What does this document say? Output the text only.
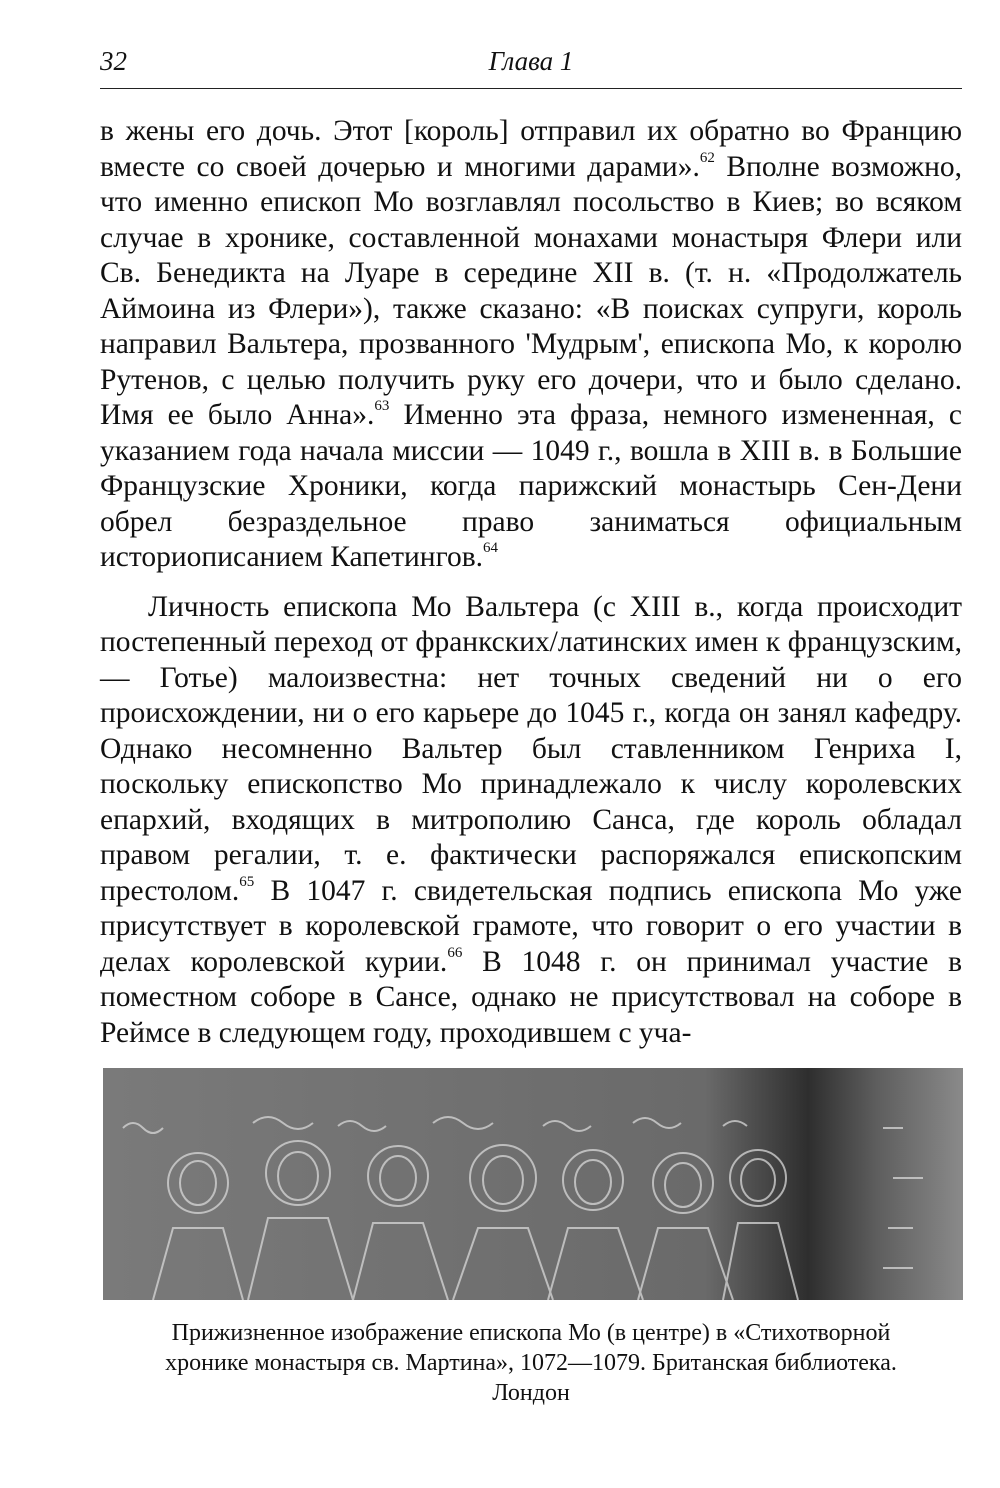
32	Глава 1

в жены его дочь. Этот [король] отправил их обратно во Францию вместе со своей дочерью и многими дарами».$^{62}$ Вполне возможно, что именно епископ Мо возглавлял посольство в Киев; во всяком случае в хронике, составленной монахами монастыря Флери или Св. Бенедикта на Луаре в середине XII в. (т. н. «Продолжатель Аймоина из Флери»), также сказано: «В поисках супруги, король направил Вальтера, прозванного 'Мудрым', епископа Мо, к королю Рутенов, с целью получить руку его дочери, что и было сделано. Имя ее было Анна».$^{63}$ Именно эта фраза, немного измененная, с указанием года начала миссии — 1049 г., вошла в XIII в. в Большие Французские Хроники, когда парижский монастырь Сен-Дени обрел безраздельное право заниматься официальным историописанием Капетингов.$^{64}$

Личность епископа Мо Вальтера (с XIII в., когда происходит постепенный переход от франкских/латинских имен к французским, — Готье) малоизвестна: нет точных сведений ни о его происхождении, ни о его карьере до 1045 г., когда он занял кафедру. Однако несомненно Вальтер был ставленником Генриха I, поскольку епископство Мо принадлежало к числу королевских епархий, входящих в митрополию Санса, где король обладал правом регалии, т. е. фактически распоряжался епископским престолом.$^{65}$ В 1047 г. свидетельская подпись епископа Мо уже присутствует в королевской грамоте, что говорит о его участии в делах королевской курии.$^{66}$ В 1048 г. он принимал участие в поместном соборе в Сансе, однако не присутствовал на соборе в Реймсе в следующем году, проходившем с уча-

Прижизненное изображение епископа Мо (в центре) в «Стихотворной
хронике монастыря св. Мартина», 1072—1079. Британская библиотека.
Лондон
